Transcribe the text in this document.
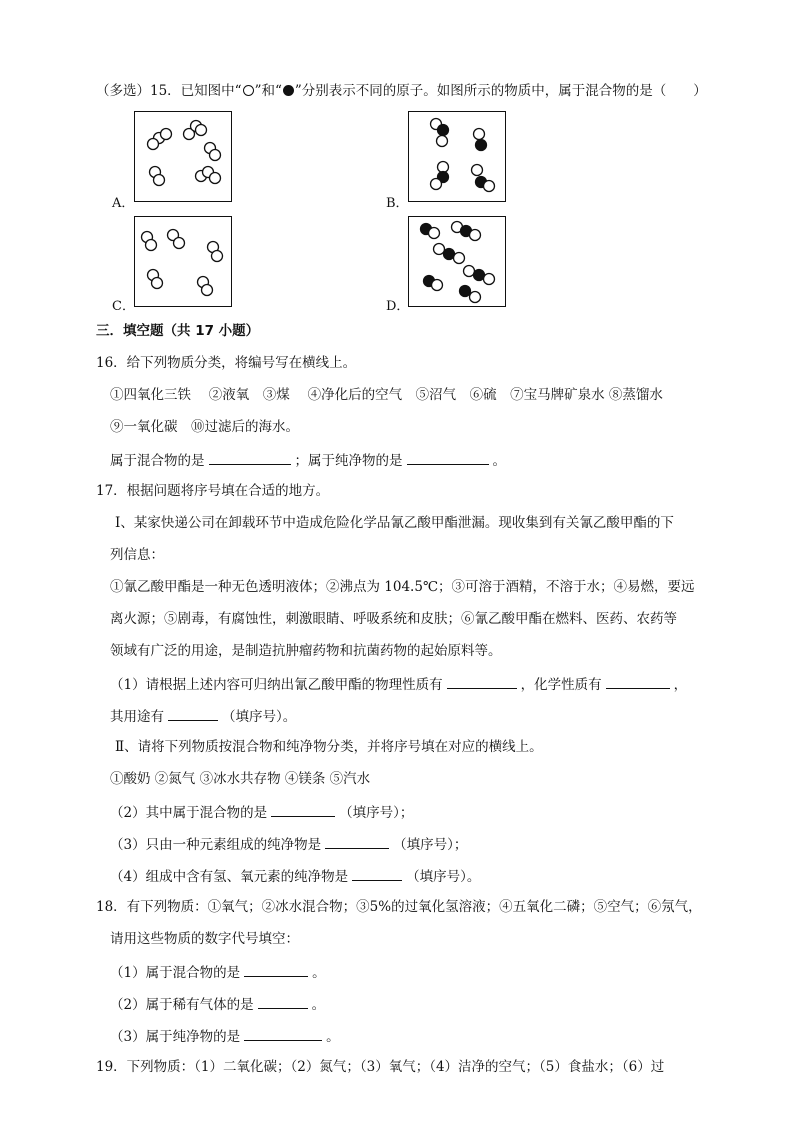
（多选）15．已知图中“ ”和“ ”分别表示不同的原子。如图所示的物质中，属于混合物的是（　　）
A．	B．
C．	D．
三．填空题（共 17 小题）
16．给下列物质分类，将编号写在横线上。
①四氧化三铁　 ②液氧　③煤　 ④净化后的空气　⑤沼气　⑥硫　⑦宝马牌矿泉水 ⑧蒸馏水
⑨一氧化碳　⑩过滤后的海水。
属于混合物的是	；属于纯净物的是	。
17．根据问题将序号填在合适的地方。
Ⅰ、某家快递公司在卸载环节中造成危险化学品氰乙酸甲酯泄漏。现收集到有关氰乙酸甲酯的下
列信息：
①氰乙酸甲酯是一种无色透明液体；②沸点为 104.5℃；③可溶于酒精，不溶于水；④易燃，要远
离火源；⑤剧毒，有腐蚀性，刺激眼睛、呼吸系统和皮肤；⑥氰乙酸甲酯在燃料、医药、农药等
领域有广泛的用途，是制造抗肿瘤药物和抗菌药物的起始原料等。
（1）请根据上述内容可归纳出氰乙酸甲酯的物理性质有	，化学性质有	，
其用途有	（填序号）。
Ⅱ、请将下列物质按混合物和纯净物分类，并将序号填在对应的横线上。
①酸奶 ②氮气 ③冰水共存物 ④镁条 ⑤汽水
（2）其中属于混合物的是	（填序号）；
（3）只由一种元素组成的纯净物是	（填序号）；
（4）组成中含有氢、氧元素的纯净物是	（填序号）。
18．有下列物质：①氧气；②冰水混合物；③5%的过氧化氢溶液；④五氧化二磷；⑤空气；⑥氖气，
请用这些物质的数字代号填空：
（1）属于混合物的是	。
（2）属于稀有气体的是	。
（3）属于纯净物的是	。
19．下列物质：（1）二氧化碳；（2）氮气；（3）氧气；（4）洁净的空气；（5）食盐水；（6）过
